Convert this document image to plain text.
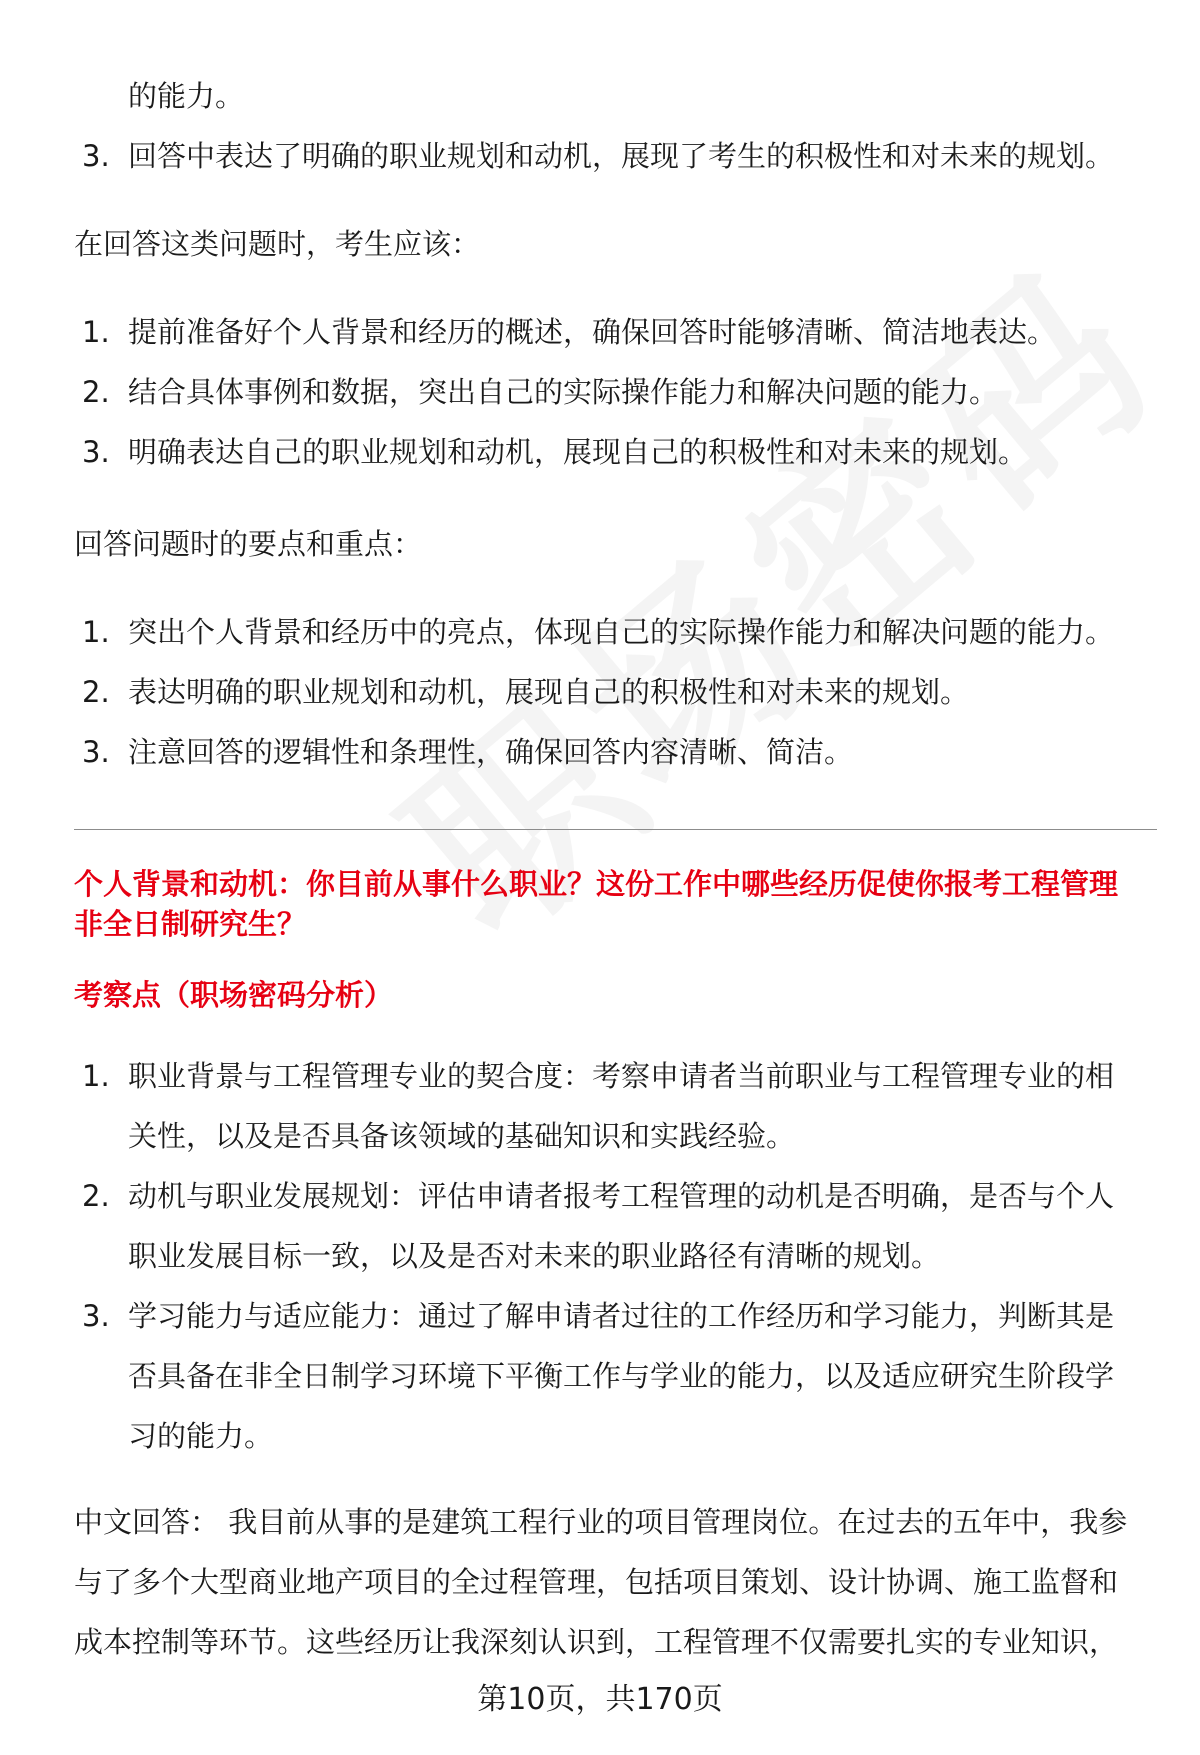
的能力。
3. 回答中表达了明确的职业规划和动机，展现了考生的积极性和对未来的规划。
在回答这类问题时，考生应该：
1. 提前准备好个人背景和经历的概述，确保回答时能够清晰、简洁地表达。
2. 结合具体事例和数据，突出自己的实际操作能力和解决问题的能力。
3. 明确表达自己的职业规划和动机，展现自己的积极性和对未来的规划。
回答问题时的要点和重点：
1. 突出个人背景和经历中的亮点，体现自己的实际操作能力和解决问题的能力。
2. 表达明确的职业规划和动机，展现自己的积极性和对未来的规划。
3. 注意回答的逻辑性和条理性，确保回答内容清晰、简洁。
个人背景和动机：你目前从事什么职业？这份工作中哪些经历促使你报考工程管理
非全日制研究生？
考察点（职场密码分析）
1. 职业背景与工程管理专业的契合度：考察申请者当前职业与工程管理专业的相
关性，以及是否具备该领域的基础知识和实践经验。
2. 动机与职业发展规划：评估申请者报考工程管理的动机是否明确，是否与个人
职业发展目标一致，以及是否对未来的职业路径有清晰的规划。
3. 学习能力与适应能力：通过了解申请者过往的工作经历和学习能力，判断其是
否具备在非全日制学习环境下平衡工作与学业的能力，以及适应研究生阶段学
习的能力。
中文回答： 我目前从事的是建筑工程行业的项目管理岗位。在过去的五年中，我参
与了多个大型商业地产项目的全过程管理，包括项目策划、设计协调、施工监督和
成本控制等环节。这些经历让我深刻认识到，工程管理不仅需要扎实的专业知识，
第10页，共170页
